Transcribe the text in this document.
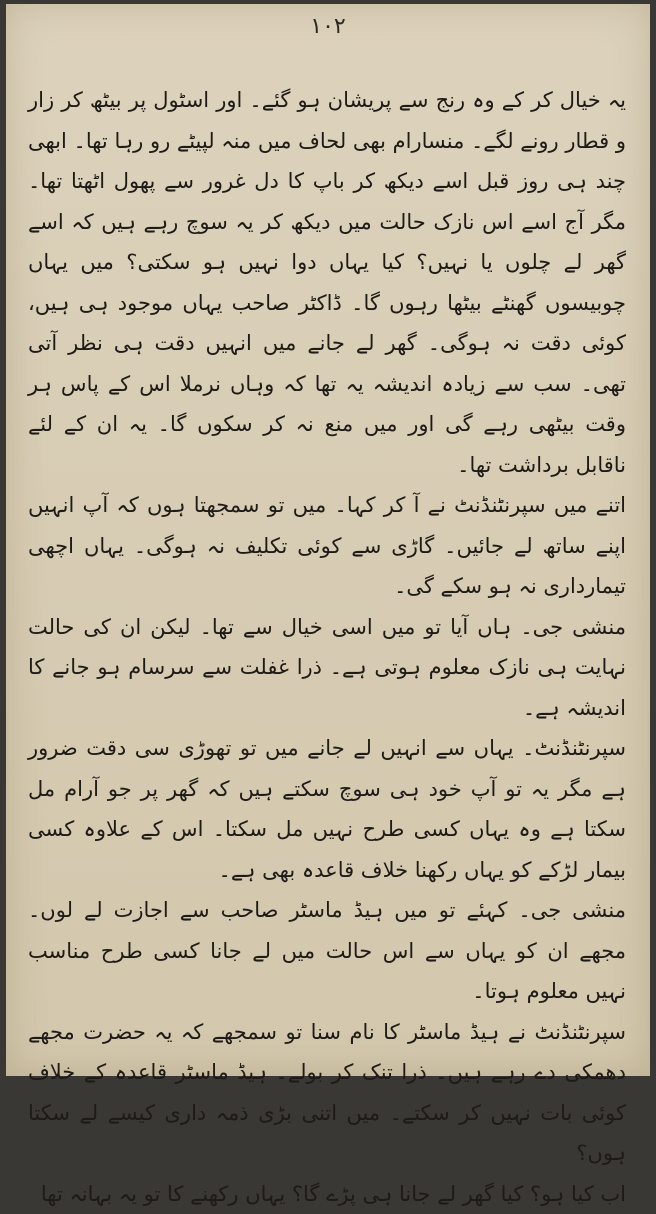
۱۰۲

یہ خیال کر کے وہ رنج سے پریشان ہو گئے۔ اور اسٹول پر بیٹھ کر زار و قطار رونے لگے۔ منسارام بھی لحاف میں منہ لپیٹے رو رہا تھا۔ ابھی چند ہی روز قبل اسے دیکھ کر باپ کا دل غرور سے پھول اٹھتا تھا۔ مگر آج اسے اس نازک حالت میں دیکھ کر یہ سوچ رہے ہیں کہ اسے گھر لے چلوں یا نہیں؟ کیا یہاں دوا نہیں ہو سکتی؟ میں یہاں چوبیسوں گھنٹے بیٹھا رہوں گا۔ ڈاکٹر صاحب یہاں موجود ہی ہیں، کوئی دقت نہ ہوگی۔ گھر لے جانے میں انہیں دقت ہی نظر آتی تھی۔ سب سے زیادہ اندیشہ یہ تھا کہ وہاں نرملا اس کے پاس ہر وقت بیٹھی رہے گی اور میں منع نہ کر سکوں گا۔ یہ ان کے لئے ناقابل برداشت تھا۔

اتنے میں سپرنٹنڈنٹ نے آ کر کہا۔ میں تو سمجھتا ہوں کہ آپ انہیں اپنے ساتھ لے جائیں۔ گاڑی سے کوئی تکلیف نہ ہوگی۔ یہاں اچھی تیمارداری نہ ہو سکے گی۔

منشی جی۔ ہاں آیا تو میں اسی خیال سے تھا۔ لیکن ان کی حالت نہایت ہی نازک معلوم ہوتی ہے۔ ذرا غفلت سے سرسام ہو جانے کا اندیشہ ہے۔

سپرنٹنڈنٹ۔ یہاں سے انہیں لے جانے میں تو تھوڑی سی دقت ضرور ہے مگر یہ تو آپ خود ہی سوچ سکتے ہیں کہ گھر پر جو آرام مل سکتا ہے وہ یہاں کسی طرح نہیں مل سکتا۔ اس کے علاوہ کسی بیمار لڑکے کو یہاں رکھنا خلاف قاعدہ بھی ہے۔

منشی جی۔ کہئے تو میں ہیڈ ماسٹر صاحب سے اجازت لے لوں۔ مجھے ان کو یہاں سے اس حالت میں لے جانا کسی طرح مناسب نہیں معلوم ہوتا۔

سپرنٹنڈنٹ نے ہیڈ ماسٹر کا نام سنا تو سمجھے کہ یہ حضرت مجھے دھمکی دے رہے ہیں۔ ذرا تنک کر بولے۔ ہیڈ ماسٹر قاعدہ کے خلاف کوئی بات نہیں کر سکتے۔ میں اتنی بڑی ذمہ داری کیسے لے سکتا ہوں؟

اب کیا ہو؟ کیا گھر لے جانا ہی پڑے گا؟ یہاں رکھنے کا تو یہ بہانہ تھا
